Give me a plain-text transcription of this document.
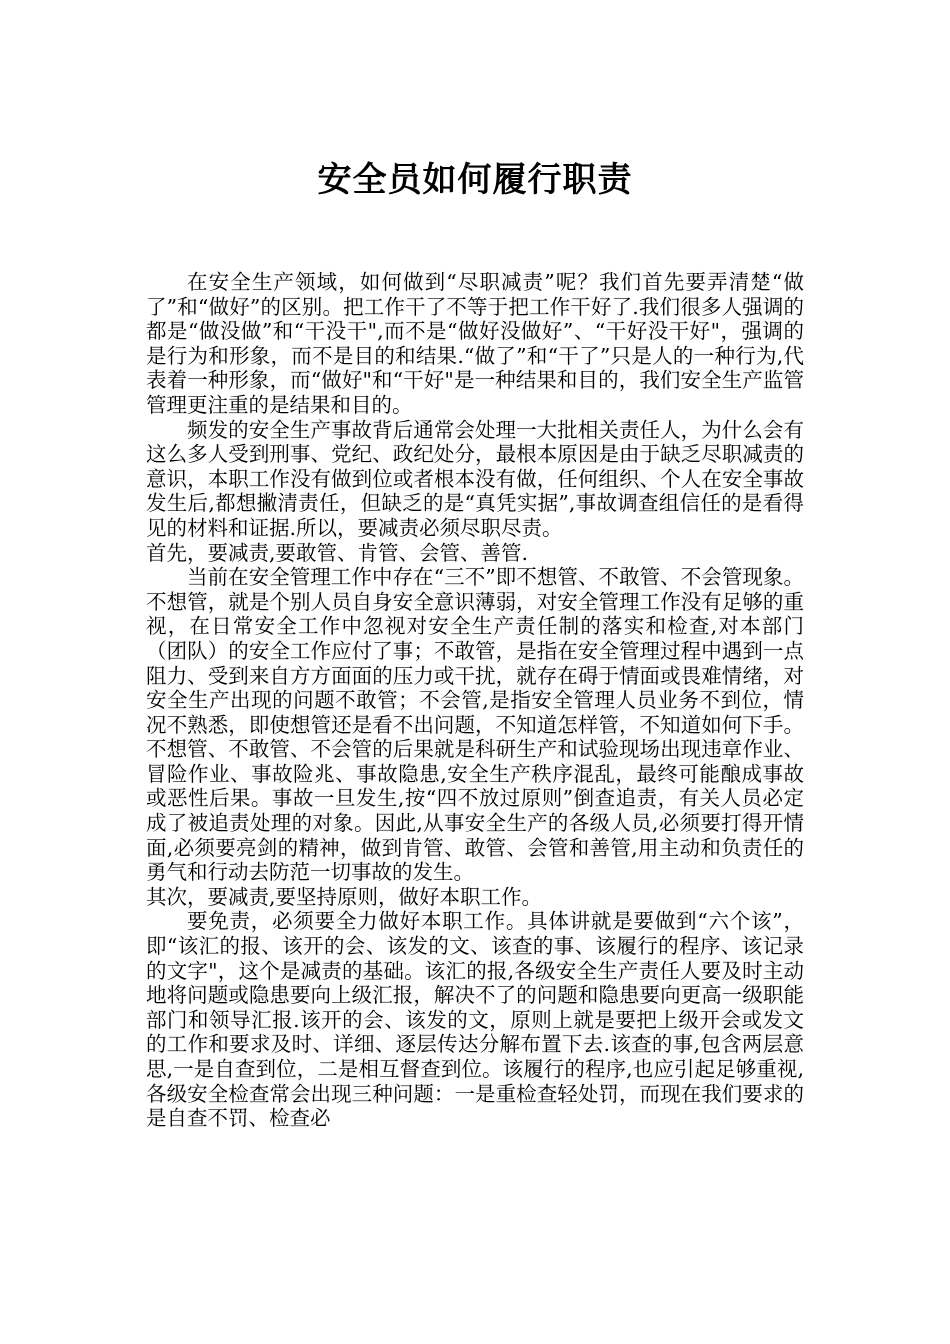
安全员如何履行职责

在安全生产领域，如何做到“尽职减责”呢？我们首先要弄清楚“做了”和“做好”的区别。把工作干了不等于把工作干好了.我们很多人强调的都是“做没做”和“干没干",而不是“做好没做好”、“干好没干好"，强调的是行为和形象，而不是目的和结果.“做了”和“干了”只是人的一种行为,代表着一种形象，而“做好"和“干好"是一种结果和目的，我们安全生产监管管理更注重的是结果和目的。

频发的安全生产事故背后通常会处理一大批相关责任人，为什么会有这么多人受到刑事、党纪、政纪处分，最根本原因是由于缺乏尽职减责的意识，本职工作没有做到位或者根本没有做，任何组织、个人在安全事故发生后,都想撇清责任，但缺乏的是“真凭实据”,事故调查组信任的是看得见的材料和证据.所以，要减责必须尽职尽责。

首先，要减责,要敢管、肯管、会管、善管.

当前在安全管理工作中存在“三不”即不想管、不敢管、不会管现象。不想管，就是个别人员自身安全意识薄弱，对安全管理工作没有足够的重视，在日常安全工作中忽视对安全生产责任制的落实和检查,对本部门（团队）的安全工作应付了事；不敢管，是指在安全管理过程中遇到一点阻力、受到来自方方面面的压力或干扰，就存在碍于情面或畏难情绪，对安全生产出现的问题不敢管；不会管,是指安全管理人员业务不到位，情况不熟悉，即使想管还是看不出问题，不知道怎样管，不知道如何下手。不想管、不敢管、不会管的后果就是科研生产和试验现场出现违章作业、冒险作业、事故险兆、事故隐患,安全生产秩序混乱，最终可能酿成事故或恶性后果。事故一旦发生,按“四不放过原则”倒查追责，有关人员必定成了被追责处理的对象。因此,从事安全生产的各级人员,必须要打得开情面,必须要亮剑的精神，做到肯管、敢管、会管和善管,用主动和负责任的勇气和行动去防范一切事故的发生。

其次，要减责,要坚持原则，做好本职工作。

要免责，必须要全力做好本职工作。具体讲就是要做到“六个该”，即“该汇的报、该开的会、该发的文、该查的事、该履行的程序、该记录的文字"，这个是减责的基础。该汇的报,各级安全生产责任人要及时主动地将问题或隐患要向上级汇报，解决不了的问题和隐患要向更高一级职能部门和领导汇报.该开的会、该发的文，原则上就是要把上级开会或发文的工作和要求及时、详细、逐层传达分解布置下去.该查的事,包含两层意思,一是自查到位，二是相互督查到位。该履行的程序,也应引起足够重视,各级安全检查常会出现三种问题：一是重检查轻处罚，而现在我们要求的是自查不罚、检查必
